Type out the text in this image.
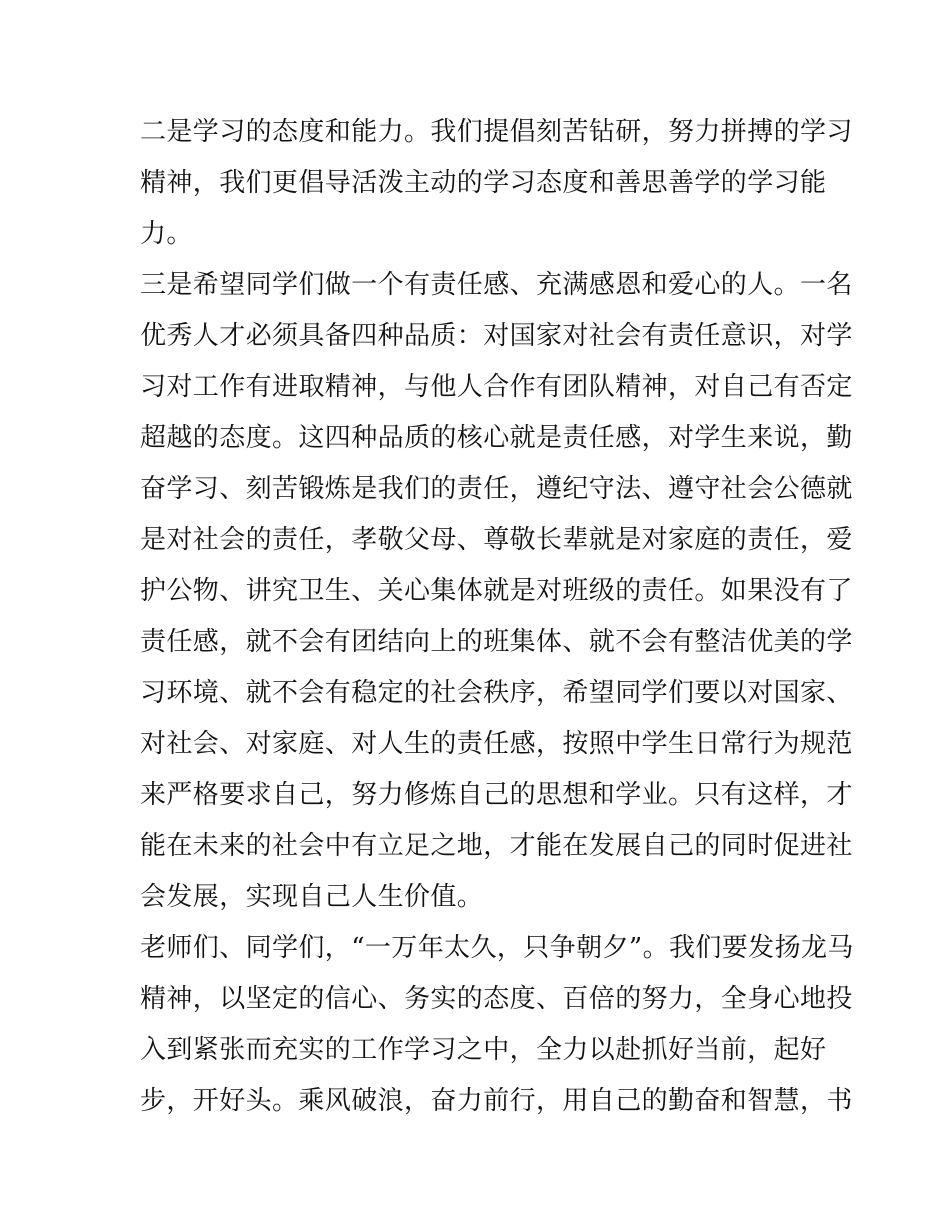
二是学习的态度和能力。我们提倡刻苦钻研，努力拼搏的学习
精神，我们更倡导活泼主动的学习态度和善思善学的学习能
力。
三是希望同学们做一个有责任感、充满感恩和爱心的人。一名
优秀人才必须具备四种品质：对国家对社会有责任意识，对学
习对工作有进取精神，与他人合作有团队精神，对自己有否定
超越的态度。这四种品质的核心就是责任感，对学生来说，勤
奋学习、刻苦锻炼是我们的责任，遵纪守法、遵守社会公德就
是对社会的责任，孝敬父母、尊敬长辈就是对家庭的责任，爱
护公物、讲究卫生、关心集体就是对班级的责任。如果没有了
责任感，就不会有团结向上的班集体、就不会有整洁优美的学
习环境、就不会有稳定的社会秩序，希望同学们要以对国家、
对社会、对家庭、对人生的责任感，按照中学生日常行为规范
来严格要求自己，努力修炼自己的思想和学业。只有这样，才
能在未来的社会中有立足之地，才能在发展自己的同时促进社
会发展，实现自己人生价值。
老师们、同学们，“一万年太久，只争朝夕”。我们要发扬龙马
精神，以坚定的信心、务实的态度、百倍的努力，全身心地投
入到紧张而充实的工作学习之中，全力以赴抓好当前，起好
步，开好头。乘风破浪，奋力前行，用自己的勤奋和智慧，书
